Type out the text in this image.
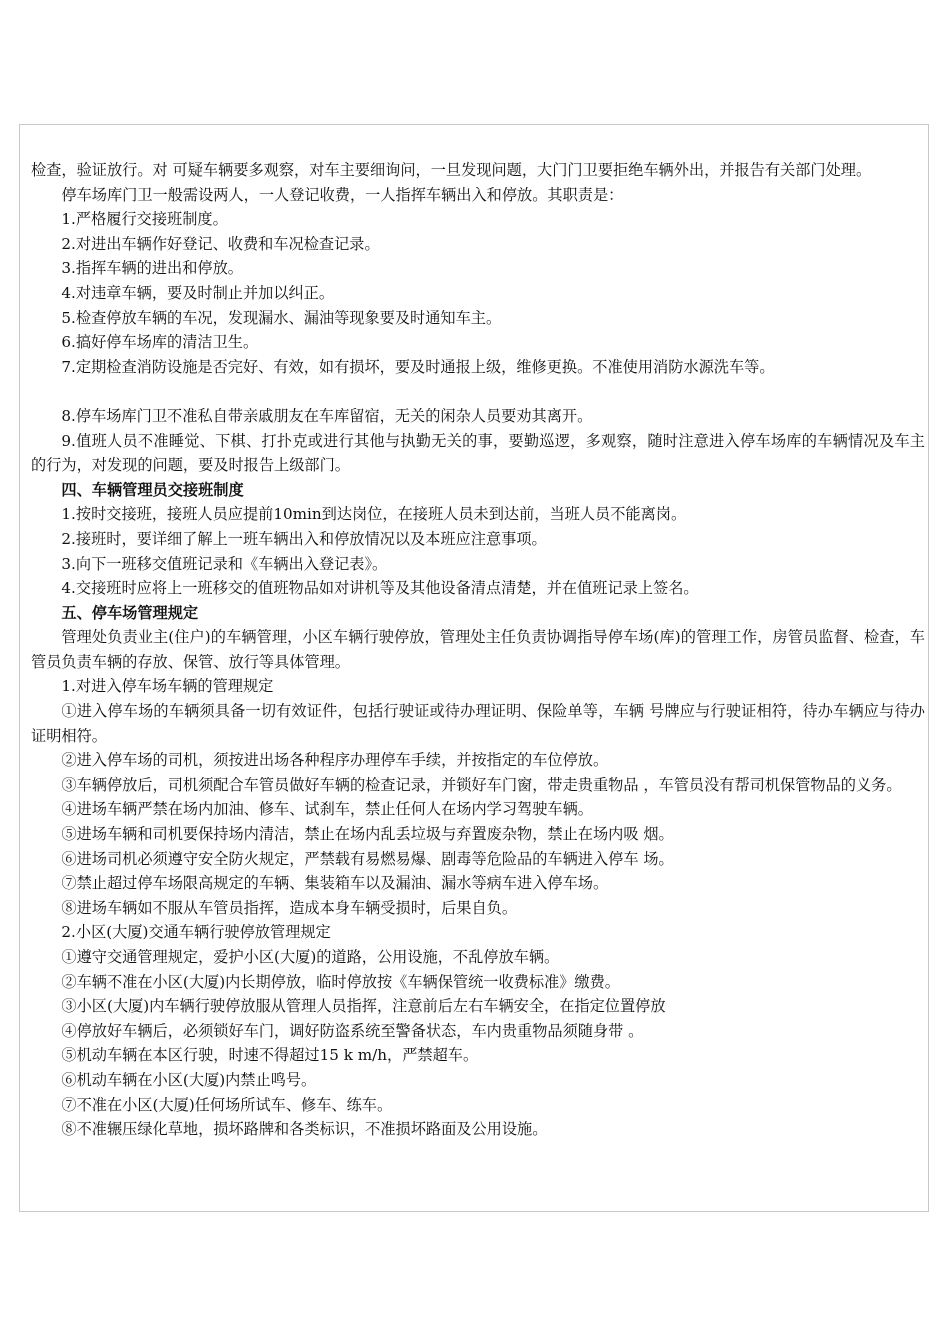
检查，验证放行。对 可疑车辆要多观察，对车主要细询问，一旦发现问题，大门门卫要拒绝车辆外出，并报告有关部门处理。

停车场库门卫一般需设两人，一人登记收费，一人指挥车辆出入和停放。其职责是：

1.严格履行交接班制度。

2.对进出车辆作好登记、收费和车况检查记录。

3.指挥车辆的进出和停放。

4.对违章车辆，要及时制止并加以纠正。

5.检查停放车辆的车况，发现漏水、漏油等现象要及时通知车主。

6.搞好停车场库的清洁卫生。

7.定期检查消防设施是否完好、有效，如有损坏，要及时通报上级，维修更换。不准使用消防水源洗车等。

8.停车场库门卫不准私自带亲戚朋友在车库留宿，无关的闲杂人员要劝其离开。

9.值班人员不准睡觉、下棋、打扑克或进行其他与执勤无关的事，要勤巡逻，多观察，随时注意进入停车场库的车辆情况及车主的行为，对发现的问题，要及时报告上级部门。

四、车辆管理员交接班制度

1.按时交接班，接班人员应提前10min到达岗位，在接班人员未到达前，当班人员不能离岗。

2.接班时，要详细了解上一班车辆出入和停放情况以及本班应注意事项。

3.向下一班移交值班记录和《车辆出入登记表》。

4.交接班时应将上一班移交的值班物品如对讲机等及其他设备清点清楚，并在值班记录上签名。

五、停车场管理规定

管理处负责业主(住户)的车辆管理，小区车辆行驶停放，管理处主任负责协调指导停车场(库)的管理工作，房管员监督、检查，车管员负责车辆的存放、保管、放行等具体管理。

1.对进入停车场车辆的管理规定

①进入停车场的车辆须具备一切有效证件，包括行驶证或待办理证明、保险单等，车辆 号牌应与行驶证相符，待办车辆应与待办证明相符。

②进入停车场的司机，须按进出场各种程序办理停车手续，并按指定的车位停放。

③车辆停放后，司机须配合车管员做好车辆的检查记录，并锁好车门窗，带走贵重物品 ，车管员没有帮司机保管物品的义务。

④进场车辆严禁在场内加油、修车、试刹车，禁止任何人在场内学习驾驶车辆。

⑤进场车辆和司机要保持场内清洁，禁止在场内乱丢垃圾与弃置废杂物，禁止在场内吸 烟。

⑥进场司机必须遵守安全防火规定，严禁载有易燃易爆、剧毒等危险品的车辆进入停车 场。

⑦禁止超过停车场限高规定的车辆、集装箱车以及漏油、漏水等病车进入停车场。

⑧进场车辆如不服从车管员指挥，造成本身车辆受损时，后果自负。

2.小区(大厦)交通车辆行驶停放管理规定

①遵守交通管理规定，爱护小区(大厦)的道路，公用设施，不乱停放车辆。

②车辆不准在小区(大厦)内长期停放，临时停放按《车辆保管统一收费标准》缴费。

③小区(大厦)内车辆行驶停放服从管理人员指挥，注意前后左右车辆安全，在指定位置停放

④停放好车辆后，必须锁好车门，调好防盗系统至警备状态，车内贵重物品须随身带 。

⑤机动车辆在本区行驶，时速不得超过15 k m/h，严禁超车。

⑥机动车辆在小区(大厦)内禁止鸣号。

⑦不准在小区(大厦)任何场所试车、修车、练车。

⑧不准辗压绿化草地，损坏路牌和各类标识，不准损坏路面及公用设施。
